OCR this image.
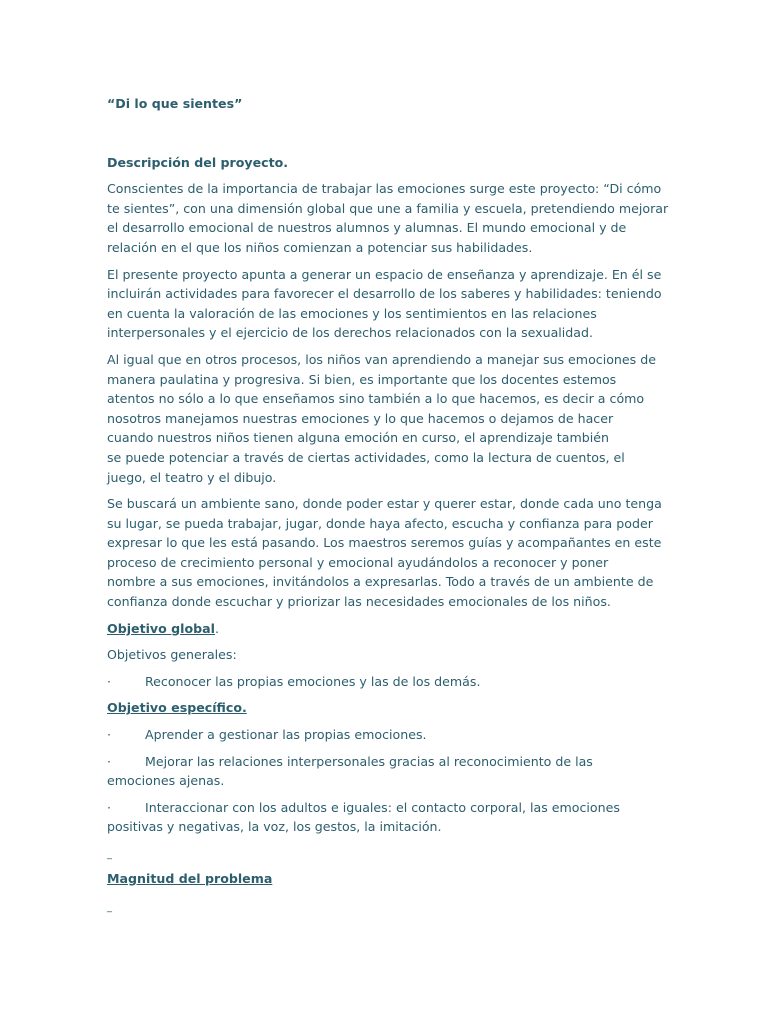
“Di lo que sientes”
Descripción del proyecto.

Conscientes de la importancia de trabajar las emociones surge este proyecto: “Di cómo
te sientes”, con una dimensión global que une a familia y escuela, pretendiendo mejorar
el desarrollo emocional de nuestros alumnos y alumnas. El mundo emocional y de
relación en el que los niños comienzan a potenciar sus habilidades.

El presente proyecto apunta a generar un espacio de enseñanza y aprendizaje. En él se
incluirán actividades para favorecer el desarrollo de los saberes y habilidades: teniendo
en cuenta la valoración de las emociones y los sentimientos en las relaciones
interpersonales y el ejercicio de los derechos relacionados con la sexualidad.

Al igual que en otros procesos, los niños van aprendiendo a manejar sus emociones de
manera paulatina y progresiva. Si bien, es importante que los docentes estemos
atentos no sólo a lo que enseñamos sino también a lo que hacemos, es decir a cómo
nosotros manejamos nuestras emociones y lo que hacemos o dejamos de hacer
cuando nuestros niños tienen alguna emoción en curso, el aprendizaje también
se puede potenciar a través de ciertas actividades, como la lectura de cuentos, el
juego, el teatro y el dibujo.

Se buscará un ambiente sano, donde poder estar y querer estar, donde cada uno tenga
su lugar, se pueda trabajar, jugar, donde haya afecto, escucha y confianza para poder
expresar lo que les está pasando. Los maestros seremos guías y acompañantes en este
proceso de crecimiento personal y emocional ayudándolos a reconocer y poner
nombre a sus emociones, invitándolos a expresarlas. Todo a través de un ambiente de
confianza donde escuchar y priorizar las necesidades emocionales de los niños.

Objetivo global.
Objetivos generales:
·	Reconocer las propias emociones y las de los demás.
Objetivo específico.
·	Aprender a gestionar las propias emociones.
·	Mejorar las relaciones interpersonales gracias al reconocimiento de las
emociones ajenas.
·	Interaccionar con los adultos e iguales: el contacto corporal, las emociones
positivas y negativas, la voz, los gestos, la imitación.
_
Magnitud del problema
_
